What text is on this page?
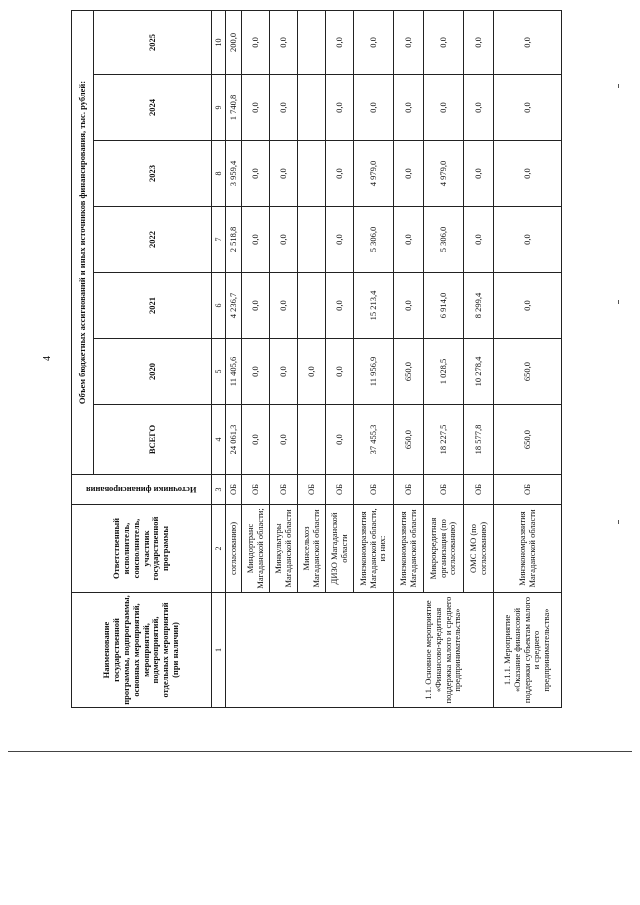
4
Наименование государственной программы, подпрограммы, основных мероприятий, мероприятий, подмероприятий, отдельных мероприятий (при наличии)	Ответственный исполнитель, соисполнитель, участник государственной программы	Источники финансирования	Объем бюджетных ассигнований и иных источников финансирования, тыс. рублей:						
			ВСЕГО	2020	2021	2022	2023	2024	2025
1	2	3	4	5	6	7	8	9	10
	согласованию)	ОБ	24 061,3	11 405,6	4 236,7	2 518,8	3 959,4	1 740,8	200,0
	Миндортранс Магаданской области;	ОБ	0,0	0,0	0,0	0,0	0,0	0,0	0,0
	Минкультуры Магаданской области	ОБ	0,0	0,0	0,0	0,0	0,0	0,0	0,0
	Минсельхоз Магаданской области	ОБ		0,0					
	ДИЗО Магаданской области	ОБ	0,0	0,0	0,0	0,0	0,0	0,0	0,0
	Минэкономразвития Магаданской области, из них:	ОБ	37 455,3	11 956,9	15 213,4	5 306,0	4 979,0	0,0	0,0
1.1. Основное мероприятие «Финансово-кредитная поддержка малого и среднего предпринимательства»	Минэкономразвития Магаданской области	ОБ	650,0	650,0	0,0	0,0	0,0	0,0	0,0
	Микрокредитная организация (по согласованию)	ОБ	18 227,5	1 028,5	6 914,0	5 306,0	4 979,0	0,0	0,0
	ОМС МО (по согласованию)	ОБ	18 577,8	10 278,4	8 299,4	0,0	0,0	0,0	0,0
1.1.1. Мероприятие «Оказание финансовой поддержки субъектам малого и среднего предпринимательства»	Минэкономразвития Магаданской области	ОБ	650,0	650,0	0,0	0,0	0,0	0,0	0,0
